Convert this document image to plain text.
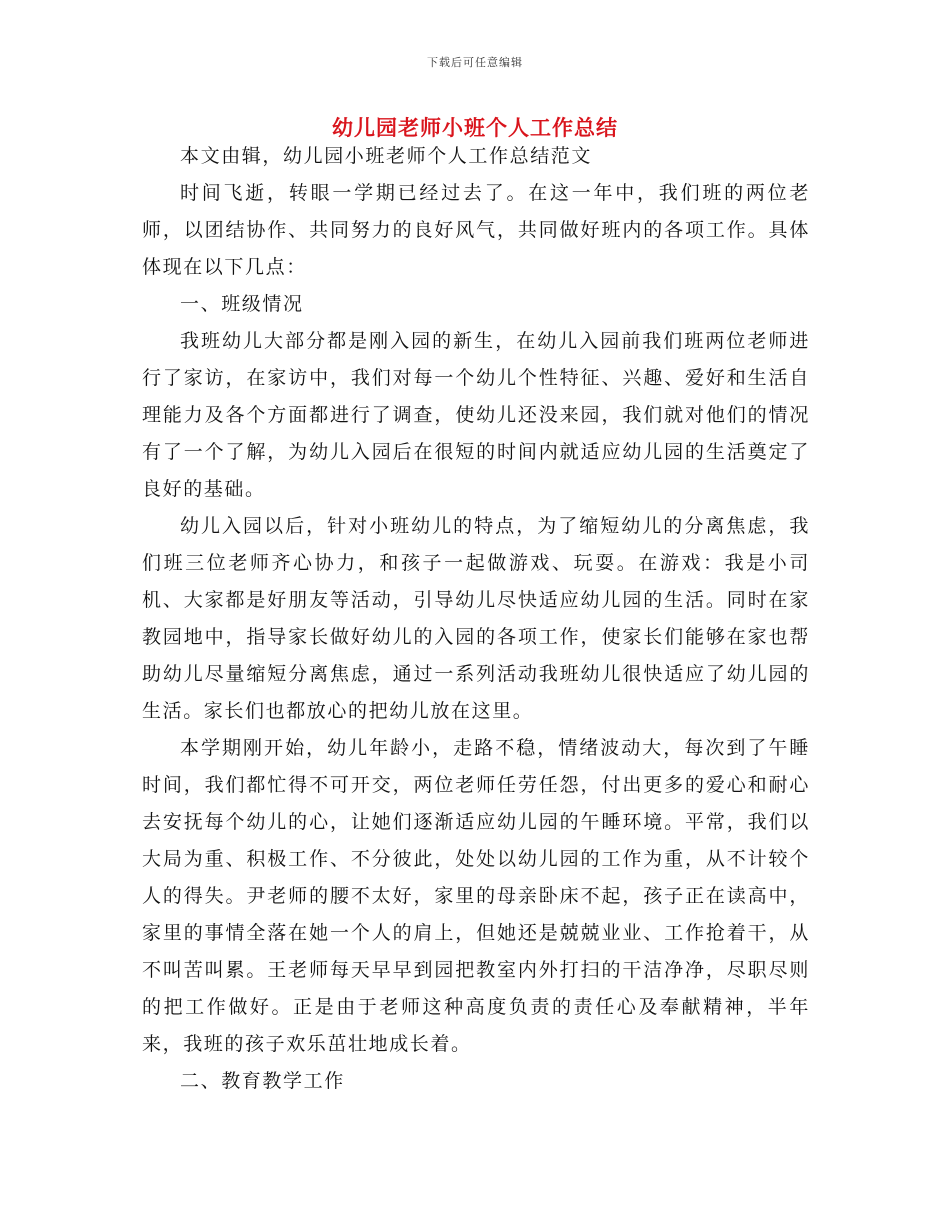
下载后可任意编辑
幼儿园老师小班个人工作总结

本文由辑，幼儿园小班老师个人工作总结范文

时间飞逝，转眼一学期已经过去了。在这一年中，我们班的两位老师，以团结协作、共同努力的良好风气，共同做好班内的各项工作。具体体现在以下几点：

一、班级情况

我班幼儿大部分都是刚入园的新生，在幼儿入园前我们班两位老师进行了家访，在家访中，我们对每一个幼儿个性特征、兴趣、爱好和生活自理能力及各个方面都进行了调查，使幼儿还没来园，我们就对他们的情况有了一个了解，为幼儿入园后在很短的时间内就适应幼儿园的生活奠定了良好的基础。

幼儿入园以后，针对小班幼儿的特点，为了缩短幼儿的分离焦虑，我们班三位老师齐心协力，和孩子一起做游戏、玩耍。在游戏：我是小司机、大家都是好朋友等活动，引导幼儿尽快适应幼儿园的生活。同时在家教园地中，指导家长做好幼儿的入园的各项工作，使家长们能够在家也帮助幼儿尽量缩短分离焦虑，通过一系列活动我班幼儿很快适应了幼儿园的生活。家长们也都放心的把幼儿放在这里。

本学期刚开始，幼儿年龄小，走路不稳，情绪波动大，每次到了午睡时间，我们都忙得不可开交，两位老师任劳任怨，付出更多的爱心和耐心去安抚每个幼儿的心，让她们逐渐适应幼儿园的午睡环境。平常，我们以大局为重、积极工作、不分彼此，处处以幼儿园的工作为重，从不计较个人的得失。尹老师的腰不太好，家里的母亲卧床不起，孩子正在读高中，家里的事情全落在她一个人的肩上，但她还是兢兢业业、工作抢着干，从不叫苦叫累。王老师每天早早到园把教室内外打扫的干洁净净，尽职尽则的把工作做好。正是由于老师这种高度负责的责任心及奉献精神，半年来，我班的孩子欢乐茁壮地成长着。

二、教育教学工作
